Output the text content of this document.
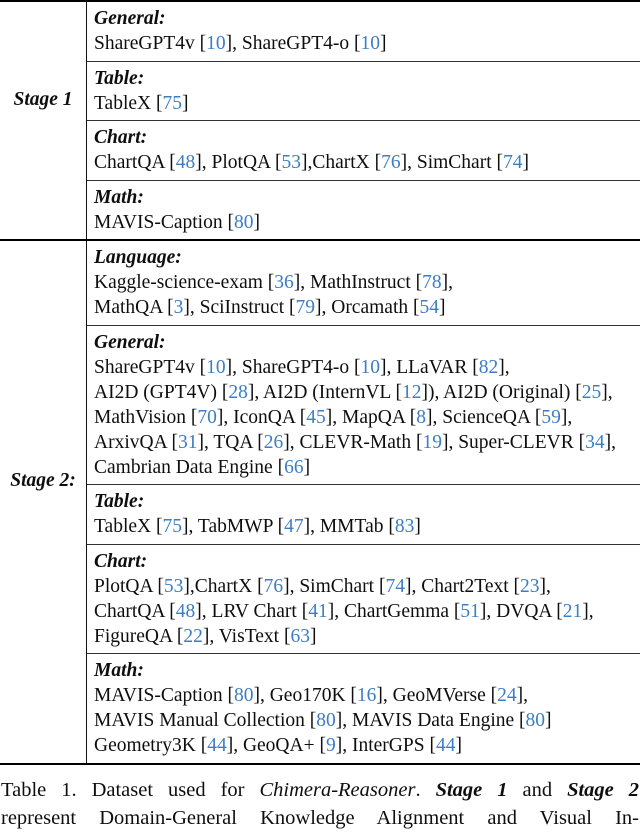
Stage 1
General:
ShareGPT4v [10], ShareGPT4-o [10]
Table:
TableX [75]
Chart:
ChartQA [48], PlotQA [53],ChartX [76], SimChart [74]
Math:
MAVIS-Caption [80]
Stage 2:
Language:
Kaggle-science-exam [36], MathInstruct [78],
MathQA [3], SciInstruct [79], Orcamath [54]
General:
ShareGPT4v [10], ShareGPT4-o [10], LLaVAR [82],
AI2D (GPT4V) [28], AI2D (InternVL [12]), AI2D (Original) [25],
MathVision [70], IconQA [45], MapQA [8], ScienceQA [59],
ArxivQA [31], TQA [26], CLEVR-Math [19], Super-CLEVR [34],
Cambrian Data Engine [66]
Table:
TableX [75], TabMWP [47], MMTab [83]
Chart:
PlotQA [53],ChartX [76], SimChart [74], Chart2Text [23],
ChartQA [48], LRV Chart [41], ChartGemma [51], DVQA [21],
FigureQA [22], VisText [63]
Math:
MAVIS-Caption [80], Geo170K [16], GeoMVerse [24],
MAVIS Manual Collection [80], MAVIS Data Engine [80]
Geometry3K [44], GeoQA+ [9], InterGPS [44]
Table 1. Dataset used for Chimera-Reasoner. Stage 1 and Stage 2
represent Domain-General Knowledge Alignment and Visual In-
